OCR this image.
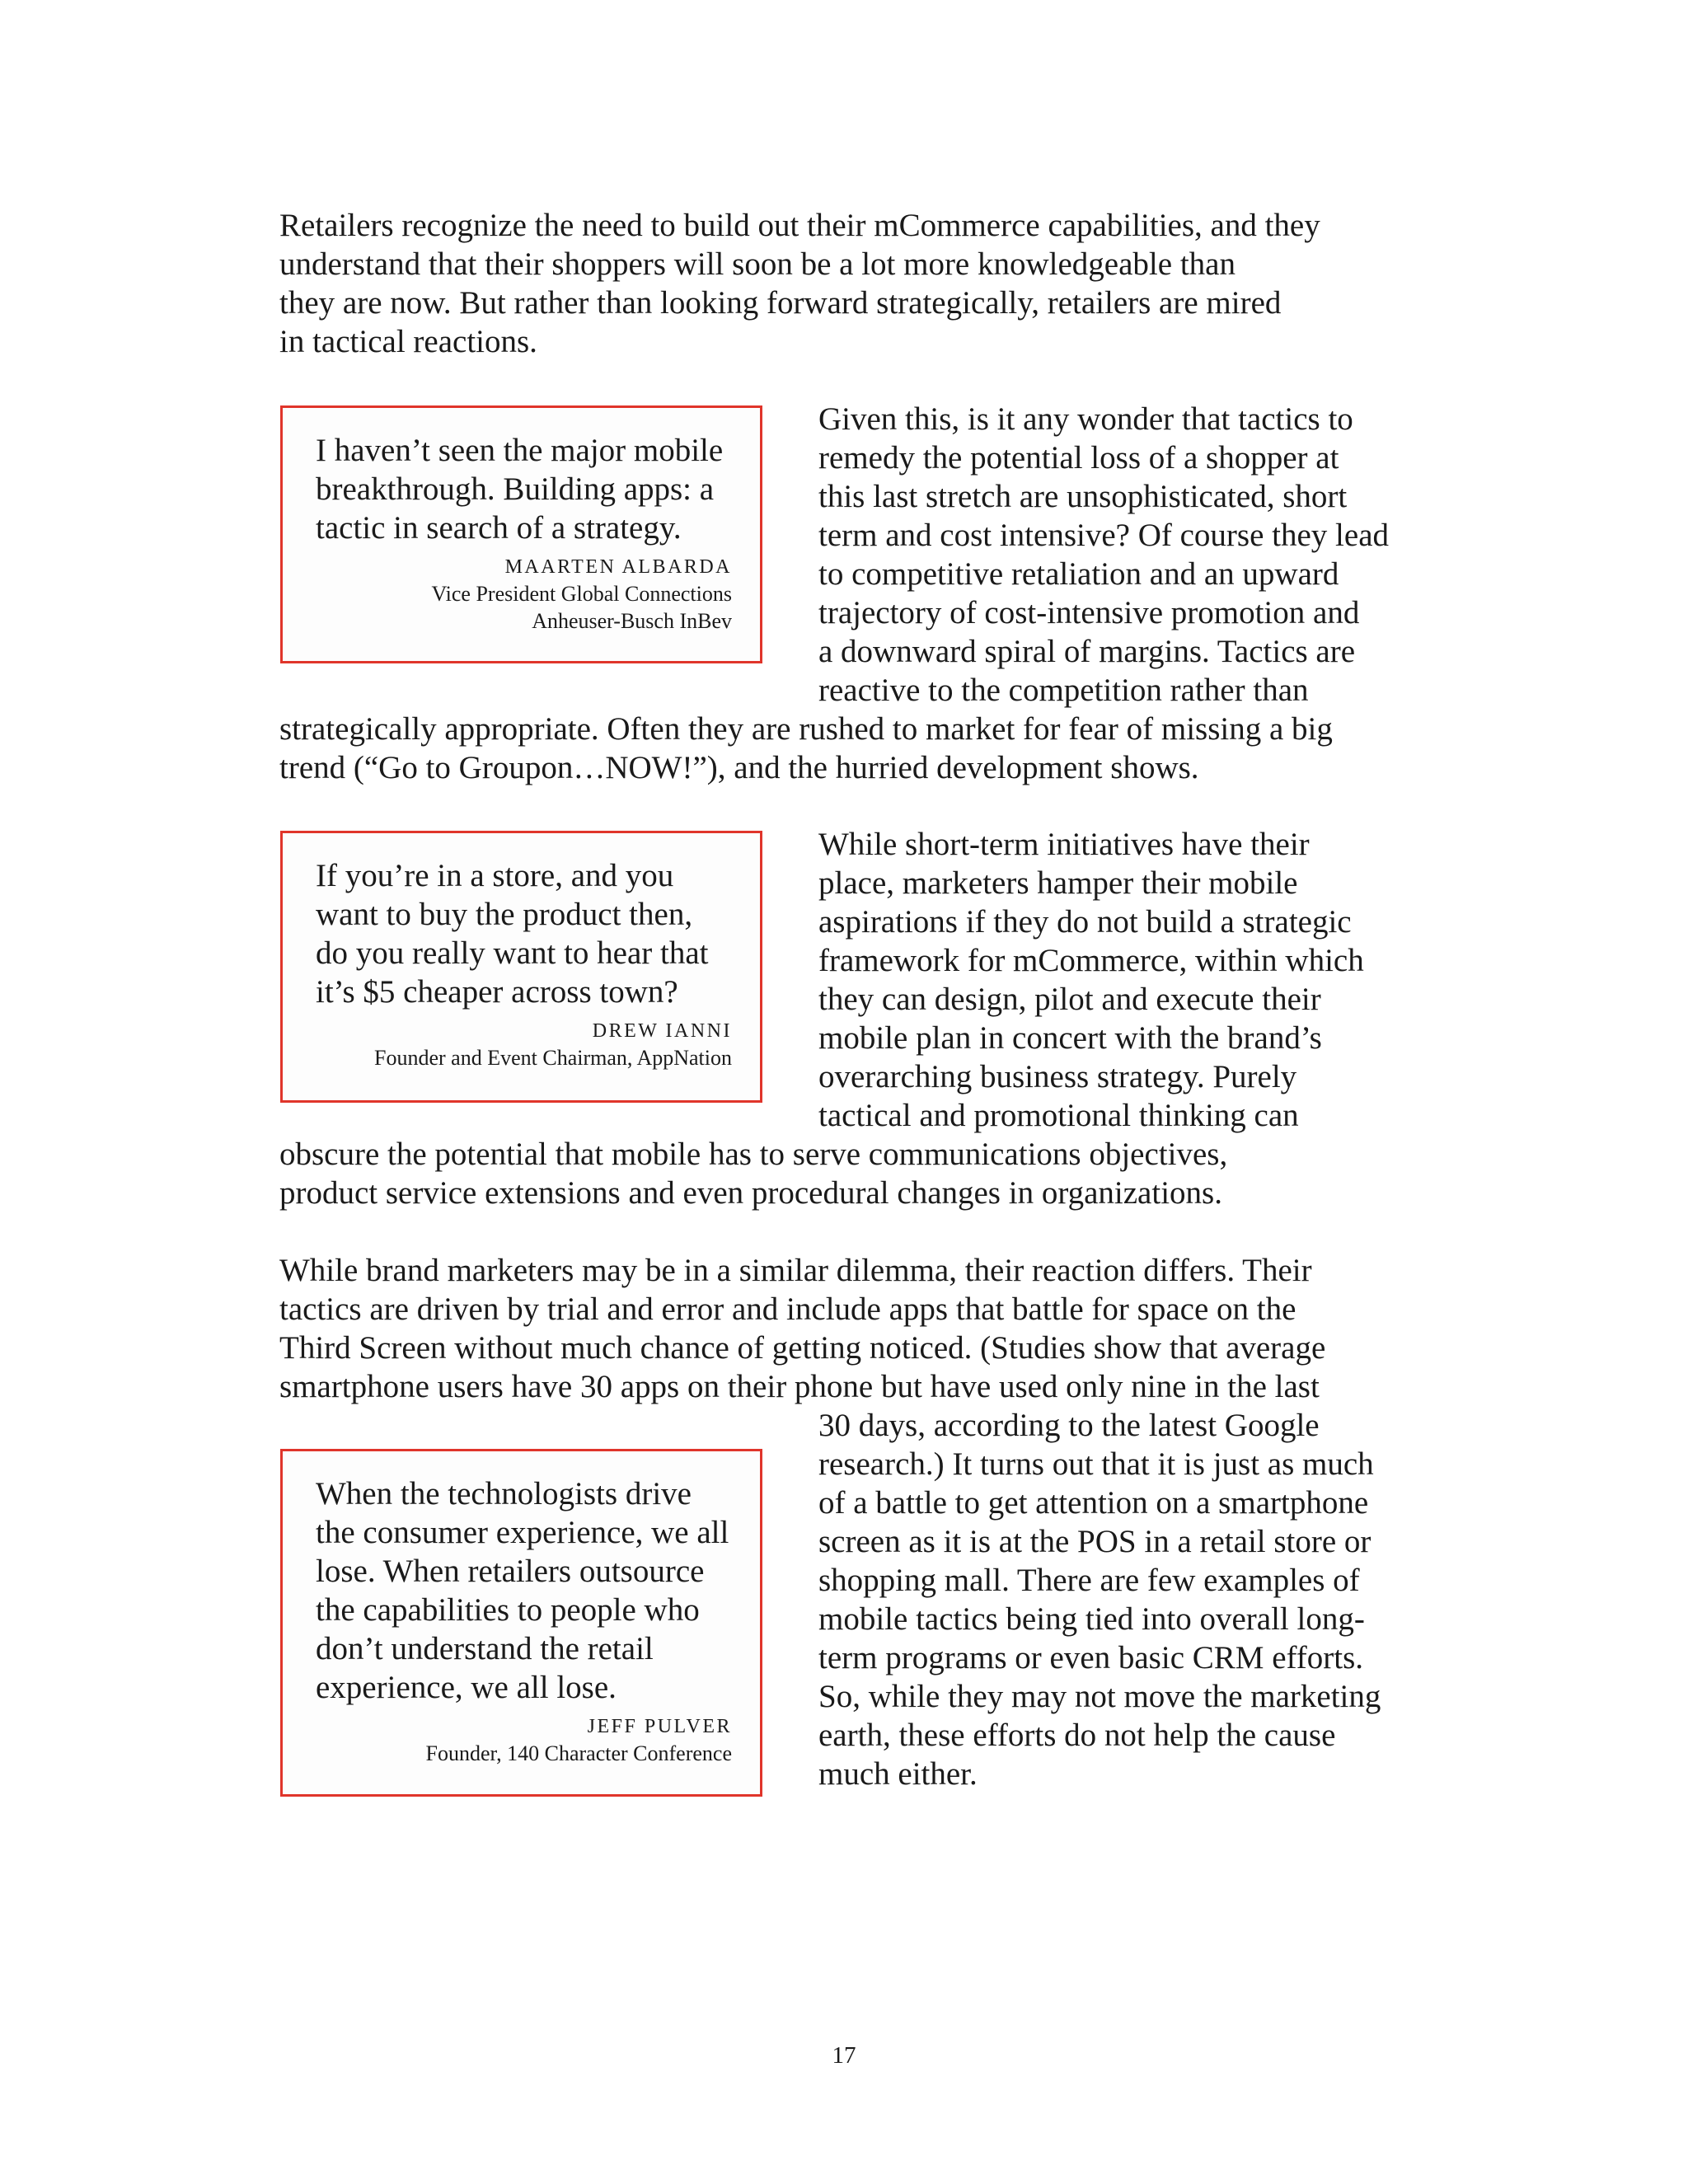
Retailers recognize the need to build out their mCommerce capabilities, and they

understand that their shoppers will soon be a lot more knowledgeable than

they are now. But rather than looking forward strategically, retailers are mired

in tactical reactions.

I haven’t seen the major mobile
breakthrough. Building apps: a
tactic in search of a strategy.
MAARTEN ALBARDA
Vice President Global Connections
Anheuser-Busch InBev

Given this, is it any wonder that tactics to

remedy the potential loss of a shopper at

this last stretch are unsophisticated, short

term and cost intensive? Of course they lead

to competitive retaliation and an upward

trajectory of cost-intensive promotion and

a downward spiral of margins. Tactics are

reactive to the competition rather than

strategically appropriate. Often they are rushed to market for fear of missing a big

trend (“Go to Groupon…NOW!”), and the hurried development shows.

If you’re in a store, and you
want to buy the product then,
do you really want to hear that
it’s $5 cheaper across town?
DREW IANNI
Founder and Event Chairman, AppNation

While short-term initiatives have their

place, marketers hamper their mobile

aspirations if they do not build a strategic

framework for mCommerce, within which

they can design, pilot and execute their

mobile plan in concert with the brand’s

overarching business strategy. Purely

tactical and promotional thinking can

obscure the potential that mobile has to serve communications objectives,

product service extensions and even procedural changes in organizations.

While brand marketers may be in a similar dilemma, their reaction differs. Their

tactics are driven by trial and error and include apps that battle for space on the

Third Screen without much chance of getting noticed. (Studies show that average

smartphone users have 30 apps on their phone but have used only nine in the last

30 days, according to the latest Google

research.) It turns out that it is just as much

of a battle to get attention on a smartphone

screen as it is at the POS in a retail store or

shopping mall. There are few examples of

mobile tactics being tied into overall long-

term programs or even basic CRM efforts.

So, while they may not move the marketing

earth, these efforts do not help the cause

much either.

When the technologists drive
the consumer experience, we all
lose. When retailers outsource
the capabilities to people who
don’t understand the retail
experience, we all lose.
JEFF PULVER
Founder, 140 Character Conference
17
